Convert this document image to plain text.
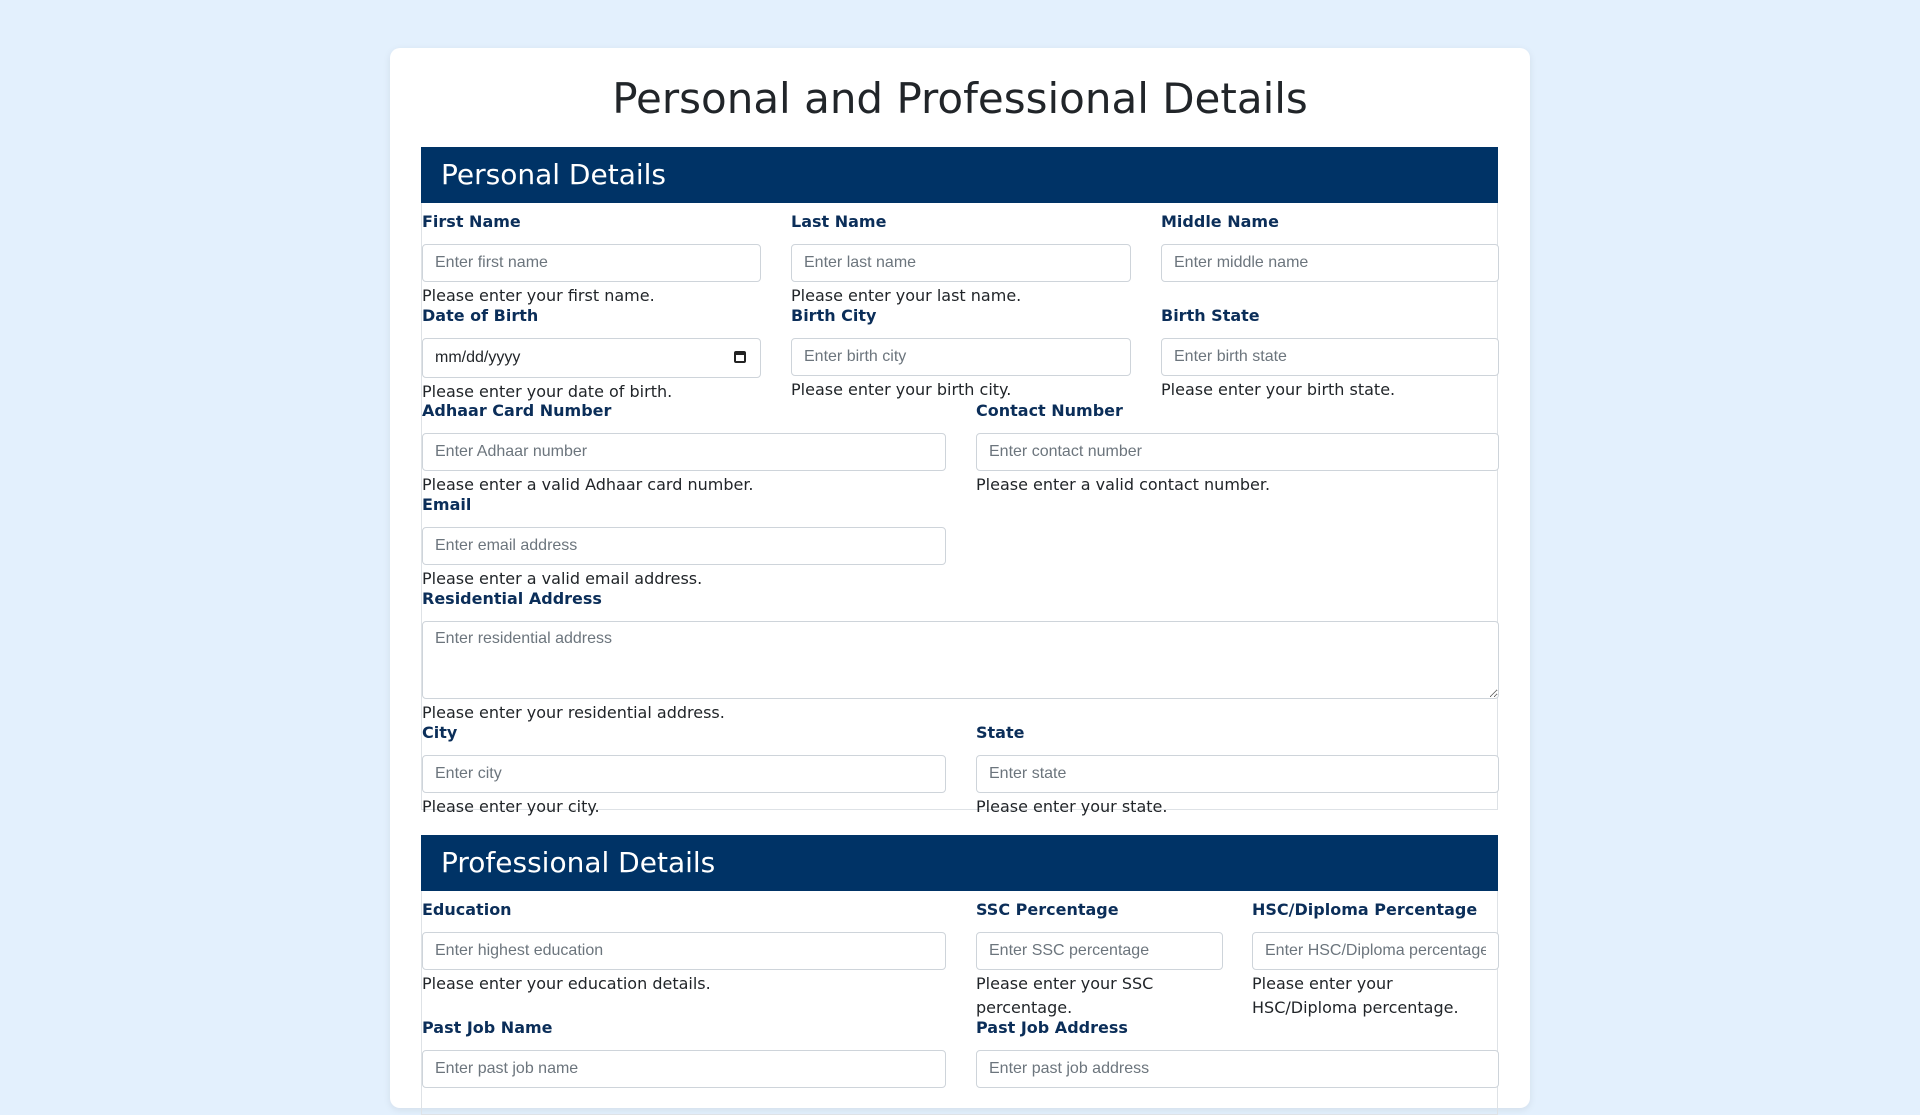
Personal and Professional Details
Personal Details
First Name
Enter first name
Please enter your first name.
Last Name
Enter last name
Please enter your last name.
Middle Name
Enter middle name
Date of Birth
mm/dd/yyyy
Please enter your date of birth.
Birth City
Enter birth city
Please enter your birth city.
Birth State
Enter birth state
Please enter your birth state.
Adhaar Card Number
Enter Adhaar number
Please enter a valid Adhaar card number.
Contact Number
Enter contact number
Please enter a valid contact number.
Email
Enter email address
Please enter a valid email address.
Residential Address
Enter residential address
Please enter your residential address.
City
Enter city
Please enter your city.
State
Enter state
Please enter your state.
Professional Details
Education
Enter highest education
Please enter your education details.
SSC Percentage
Enter SSC percentage
Please enter your SSC percentage.
HSC/Diploma Percentage
Enter HSC/Diploma percentage
Please enter your HSC/Diploma percentage.
Past Job Name
Enter past job name	Past Job Address
Enter past job address
